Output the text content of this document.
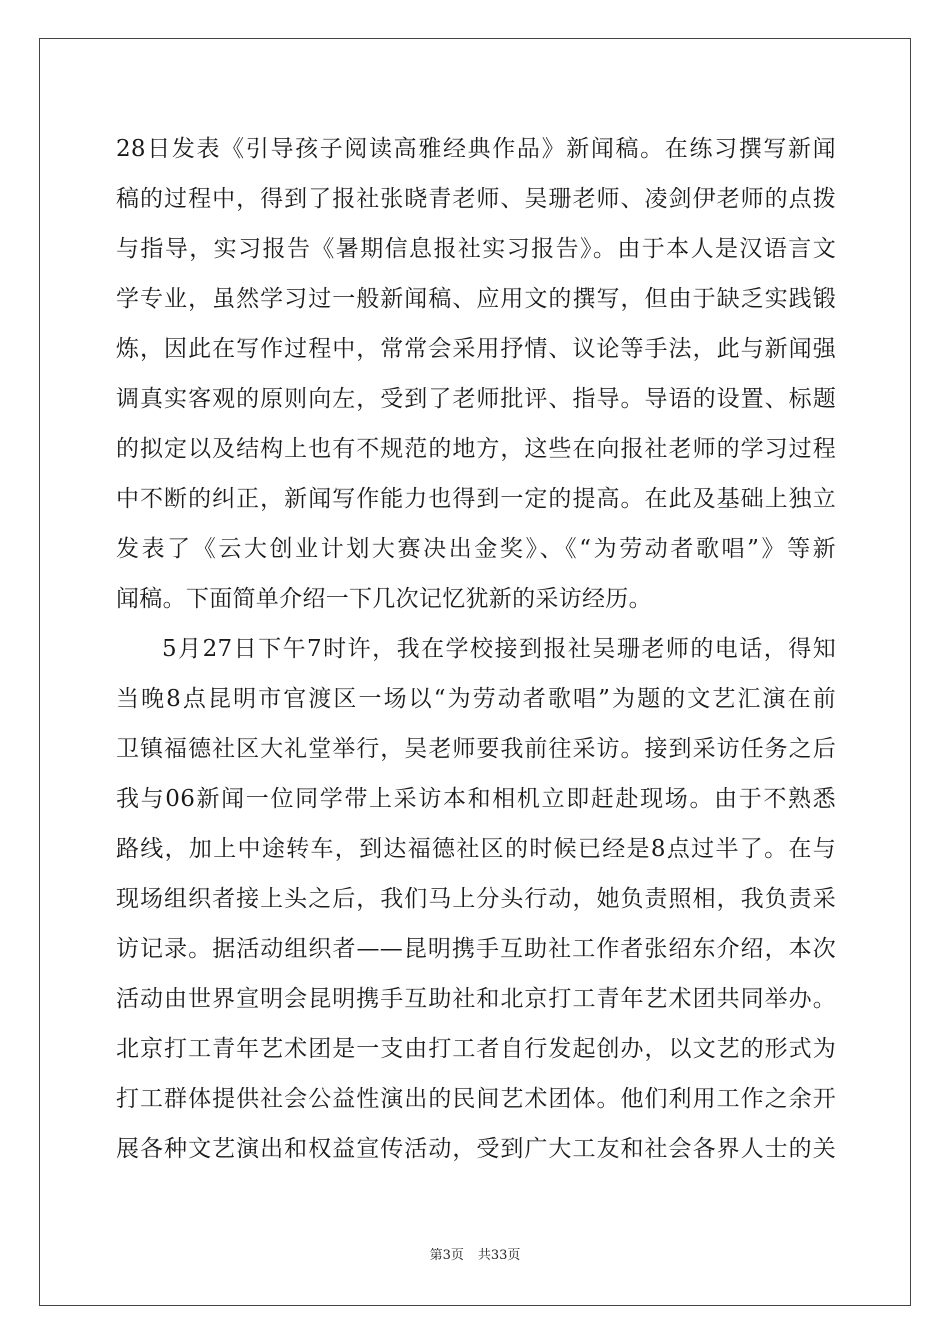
28日发表《引导孩子阅读高雅经典作品》新闻稿。在练习撰写新闻
稿的过程中，得到了报社张晓青老师、吴珊老师、凌剑伊老师的点拨
与指导，实习报告《暑期信息报社实习报告》。由于本人是汉语言文
学专业，虽然学习过一般新闻稿、应用文的撰写，但由于缺乏实践锻
炼，因此在写作过程中，常常会采用抒情、议论等手法，此与新闻强
调真实客观的原则向左，受到了老师批评、指导。导语的设置、标题
的拟定以及结构上也有不规范的地方，这些在向报社老师的学习过程
中不断的纠正，新闻写作能力也得到一定的提高。在此及基础上独立
发表了《云大创业计划大赛决出金奖》、《“为劳动者歌唱”》等新
闻稿。下面简单介绍一下几次记忆犹新的采访经历。
5月27日下午7时许，我在学校接到报社吴珊老师的电话，得知
当晚8点昆明市官渡区一场以“为劳动者歌唱”为题的文艺汇演在前
卫镇福德社区大礼堂举行，吴老师要我前往采访。接到采访任务之后
我与06新闻一位同学带上采访本和相机立即赶赴现场。由于不熟悉
路线，加上中途转车，到达福德社区的时候已经是8点过半了。在与
现场组织者接上头之后，我们马上分头行动，她负责照相，我负责采
访记录。据活动组织者——昆明携手互助社工作者张绍东介绍，本次
活动由世界宣明会昆明携手互助社和北京打工青年艺术团共同举办。
北京打工青年艺术团是一支由打工者自行发起创办，以文艺的形式为
打工群体提供社会公益性演出的民间艺术团体。他们利用工作之余开
展各种文艺演出和权益宣传活动，受到广大工友和社会各界人士的关
第3页 共33页
